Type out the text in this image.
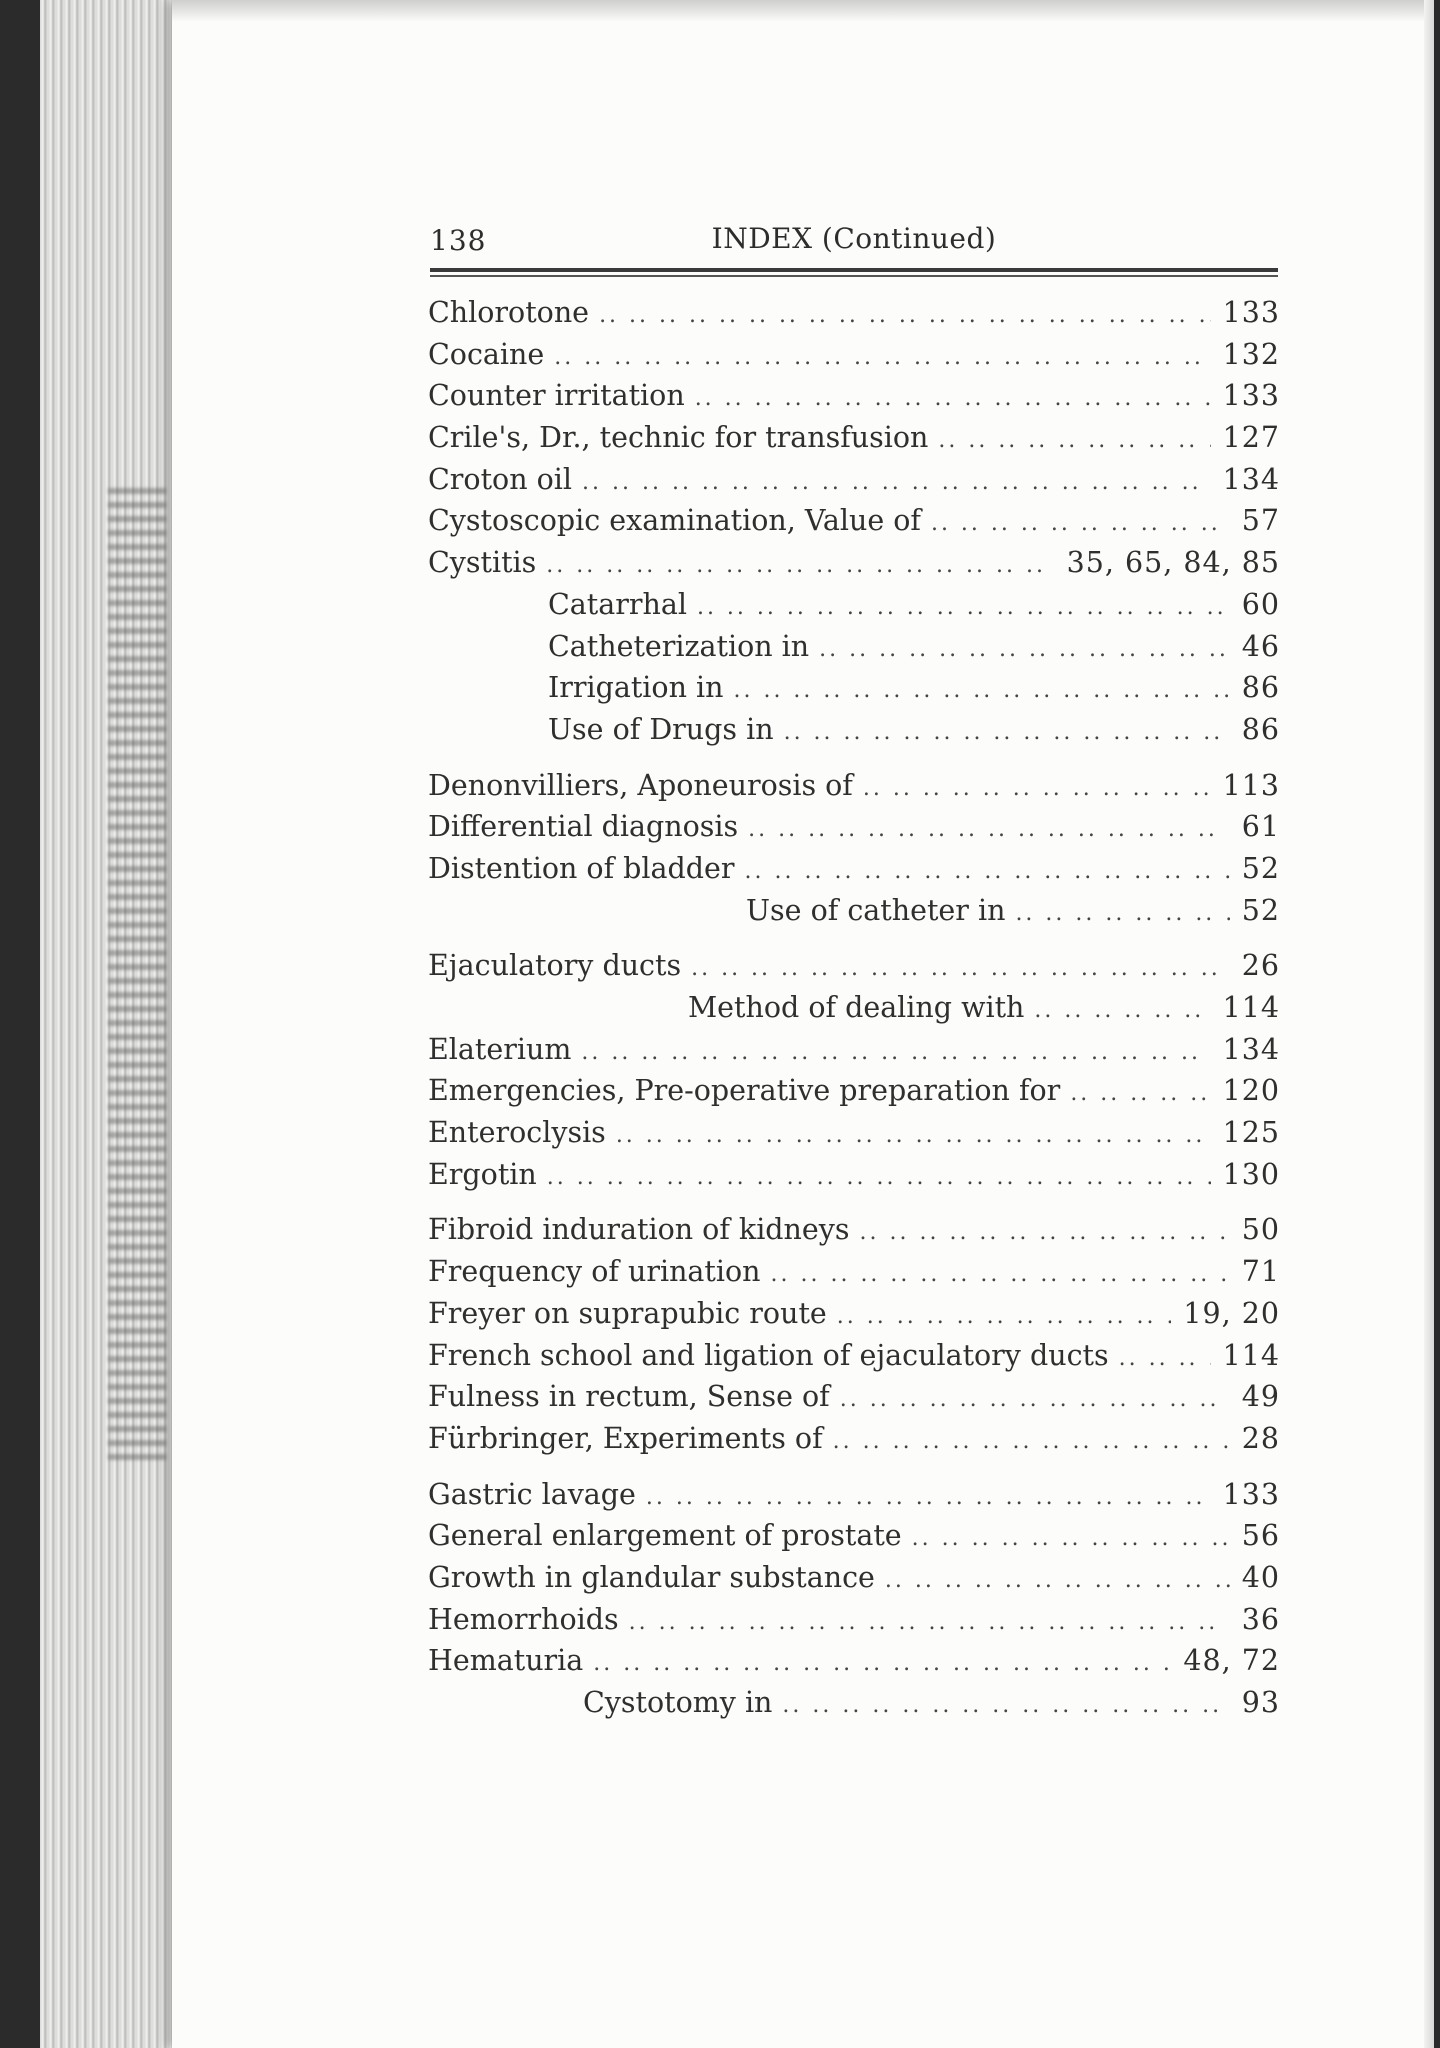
138	INDEX (Continued)
Chlorotone .. ..	133
Cocaine .. ..	132
Counter irritation .. ..	133
Crile's, Dr., technic for transfusion .. ..	127
Croton oil .. ..	134
Cystoscopic examination, Value of .. ..	57
Cystitis .. ..	35, 65, 84, 85
Catarrhal .. ..	60
Catheterization in .. ..	46
Irrigation in .. ..	86
Use of Drugs in .. ..	86
Denonvilliers, Aponeurosis of .. ..	113
Differential diagnosis .. ..	61
Distention of bladder .. ..	52
Use of catheter in .. ..	52
Ejaculatory ducts .. ..	26
Method of dealing with .. ..	114
Elaterium .. ..	134
Emergencies, Pre-operative preparation for .. ..	120
Enteroclysis .. ..	125
Ergotin .. ..	130
Fibroid induration of kidneys .. ..	50
Frequency of urination .. ..	71
Freyer on suprapubic route .. ..	19, 20
French school and ligation of ejaculatory ducts .. ..	114
Fulness in rectum, Sense of .. ..	49
Fürbringer, Experiments of .. ..	28
Gastric lavage .. ..	133
General enlargement of prostate .. ..	56
Growth in glandular substance .. ..	40
Hemorrhoids .. ..	36
Hematuria .. ..	48, 72
Cystotomy in .. ..	93
